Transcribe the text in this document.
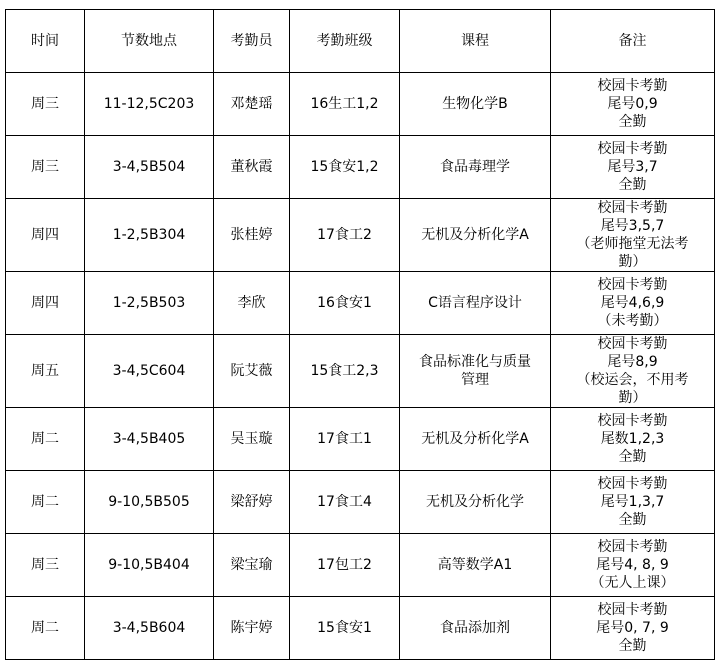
时间	节数地点	考勤员	考勤班级	课程	备注
周三	11-12,5C203	邓楚瑶	16生工1,2	生物化学B	校园卡考勤
尾号0,9
全勤

周三	3-4,5B504	董秋霞	15食安1,2	食品毒理学	校园卡考勤
尾号3,7
全勤

周四	1-2,5B304	张桂婷	17食工2	无机及分析化学A	校园卡考勤
尾号3,5,7
（老师拖堂无法考
勤）

周四	1-2,5B503	李欣	16食安1	C语言程序设计	校园卡考勤
尾号4,6,9
（未考勤）

周五	3-4,5C604	阮艾薇	15食工2,3	食品标准化与质量
管理	校园卡考勤
尾号8,9
（校运会，不用考
勤）

周二	3-4,5B405	吴玉璇	17食工1	无机及分析化学A	校园卡考勤
尾数1,2,3
全勤

周二	9-10,5B505	梁舒婷	17食工4	无机及分析化学	校园卡考勤
尾号1,3,7
全勤

周三	9-10,5B404	梁宝瑜	17包工2	高等数学A1	校园卡考勤
尾号4, 8, 9
（无人上课）

周二	3-4,5B604	陈宇婷	15食安1	食品添加剂	校园卡考勤
尾号0, 7, 9
全勤
